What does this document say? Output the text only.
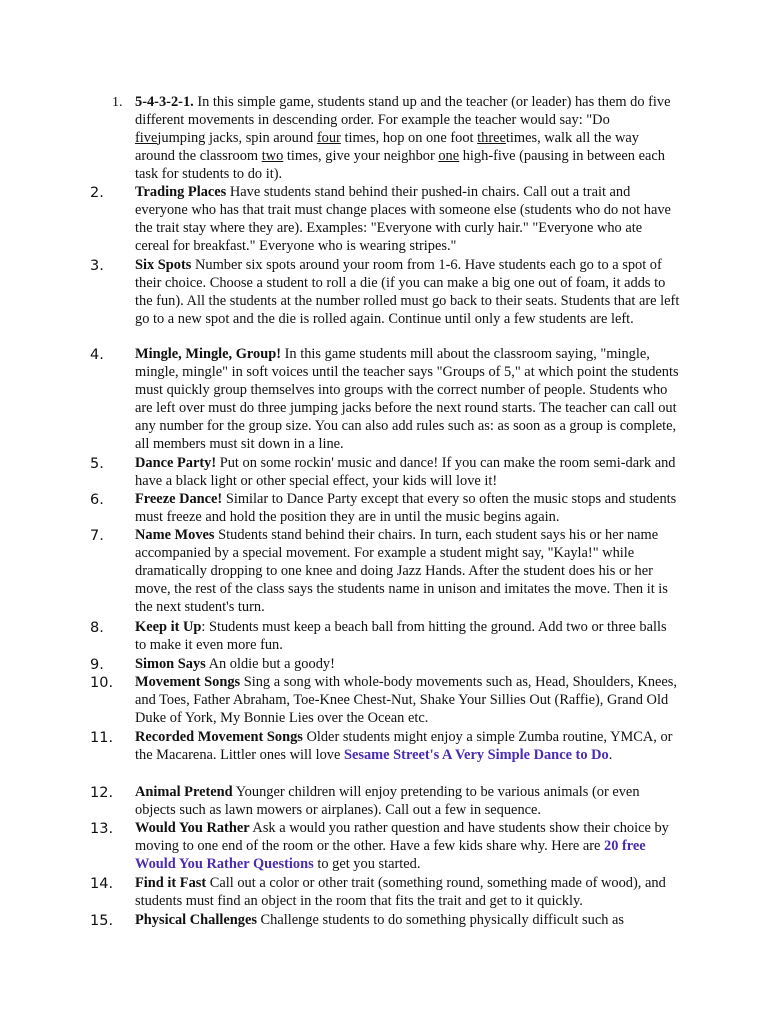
1. 5-4-3-2-1. In this simple game, students stand up and the teacher (or leader) has them do five different movements in descending order. For example the teacher would say: "Do fivejumping jacks, spin around four times, hop on one foot threetimes, walk all the way around the classroom two times, give your neighbor one high-five (pausing in between each task for students to do it).
2.	Trading Places Have students stand behind their pushed-in chairs. Call out a trait and everyone who has that trait must change places with someone else (students who do not have the trait stay where they are). Examples: "Everyone with curly hair." "Everyone who ate cereal for breakfast." Everyone who is wearing stripes."
3.	Six Spots Number six spots around your room from 1-6. Have students each go to a spot of their choice. Choose a student to roll a die (if you can make a big one out of foam, it adds to the fun). All the students at the number rolled must go back to their seats. Students that are left go to a new spot and the die is rolled again. Continue until only a few students are left.
4.	Mingle, Mingle, Group! In this game students mill about the classroom saying, "mingle, mingle, mingle" in soft voices until the teacher says "Groups of 5," at which point the students must quickly group themselves into groups with the correct number of people. Students who are left over must do three jumping jacks before the next round starts. The teacher can call out any number for the group size. You can also add rules such as: as soon as a group is complete, all members must sit down in a line.
5.	Dance Party! Put on some rockin' music and dance! If you can make the room semi-dark and have a black light or other special effect, your kids will love it!
6.	Freeze Dance! Similar to Dance Party except that every so often the music stops and students must freeze and hold the position they are in until the music begins again.
7.	Name Moves Students stand behind their chairs. In turn, each student says his or her name accompanied by a special movement. For example a student might say, "Kayla!" while dramatically dropping to one knee and doing Jazz Hands. After the student does his or her move, the rest of the class says the students name in unison and imitates the move. Then it is the next student's turn.
8.	Keep it Up: Students must keep a beach ball from hitting the ground. Add two or three balls to make it even more fun.
9.	Simon Says An oldie but a goody!
10.	Movement Songs Sing a song with whole-body movements such as, Head, Shoulders, Knees, and Toes, Father Abraham, Toe-Knee Chest-Nut, Shake Your Sillies Out (Raffie), Grand Old Duke of York, My Bonnie Lies over the Ocean etc.
11.	Recorded Movement Songs Older students might enjoy a simple Zumba routine, YMCA, or the Macarena. Littler ones will love Sesame Street's A Very Simple Dance to Do.
12.	Animal Pretend Younger children will enjoy pretending to be various animals (or even objects such as lawn mowers or airplanes). Call out a few in sequence.
13.	Would You Rather Ask a would you rather question and have students show their choice by moving to one end of the room or the other. Have a few kids share why. Here are 20 free Would You Rather Questions to get you started.
14.	Find it Fast Call out a color or other trait (something round, something made of wood), and students must find an object in the room that fits the trait and get to it quickly.
15.	Physical Challenges Challenge students to do something physically difficult such as
